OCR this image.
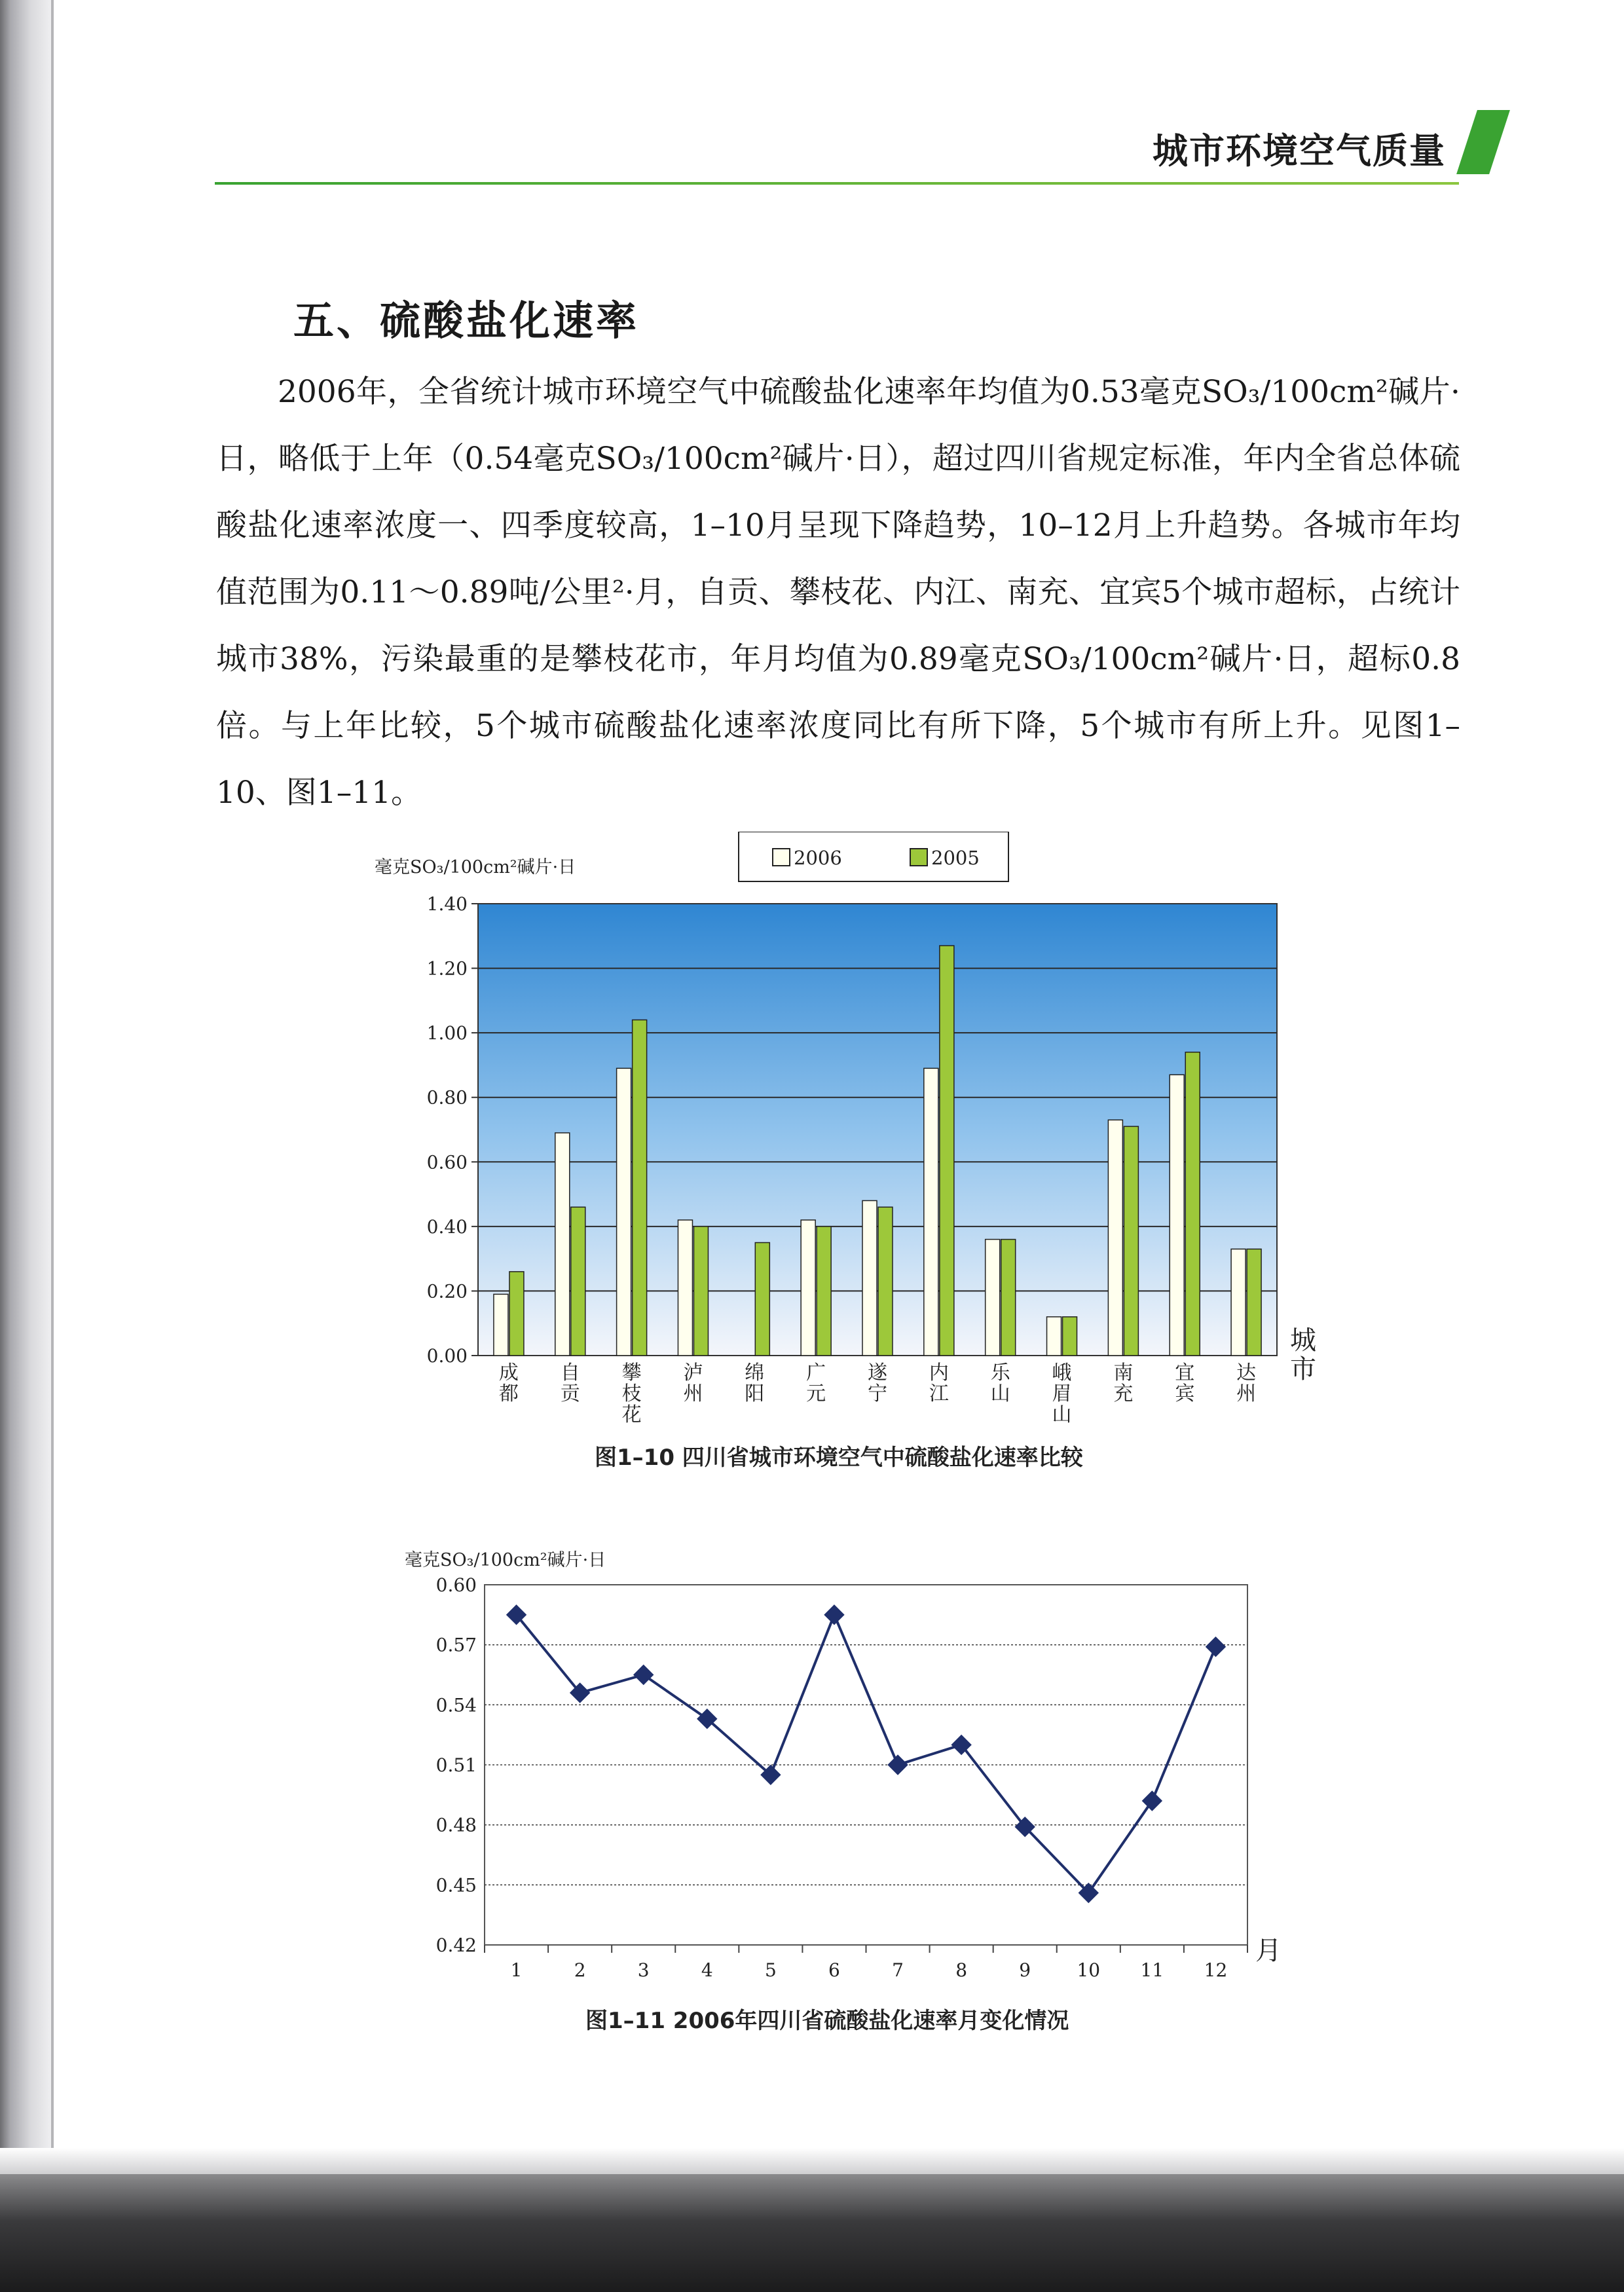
城市环境空气质量
五、硫酸盐化速率

2006年，全省统计城市环境空气中硫酸盐化速率年均值为0.53毫克SO₃/100cm²碱片·日，略低于上年（0.54毫克SO₃/100cm²碱片·日），超过四川省规定标准，年内全省总体硫酸盐化速率浓度一、四季度较高，1–10月呈现下降趋势，10–12月上升趋势。各城市年均值范围为0.11～0.89吨/公里²·月，自贡、攀枝花、内江、南充、宜宾5个城市超标，占统计城市38%，污染最重的是攀枝花市，年月均值为0.89毫克SO₃/100cm²碱片·日，超标0.8倍。与上年比较，5个城市硫酸盐化速率浓度同比有所下降，5个城市有所上升。见图1–10、图1–11。

0.00
0.20
0.40
0.60
0.80
1.00
1.20
1.40
毫克SO₃/100cm²碱片·日	2006	2005
成
都
自
贡
攀
枝
花
泸
州
绵
阳
广
元
遂
宁
内
江
乐
山
峨
眉
山
南
充
宜
宾
达
州
城
市
图1–10 四川省城市环境空气中硫酸盐化速率比较
0.42
0.45
0.48
0.51
0.54
0.57
0.60
毫克SO₃/100cm²碱片·日
1	2	3	4	5	6	7	8	9	10 11 12
月
图1–11 2006年四川省硫酸盐化速率月变化情况
